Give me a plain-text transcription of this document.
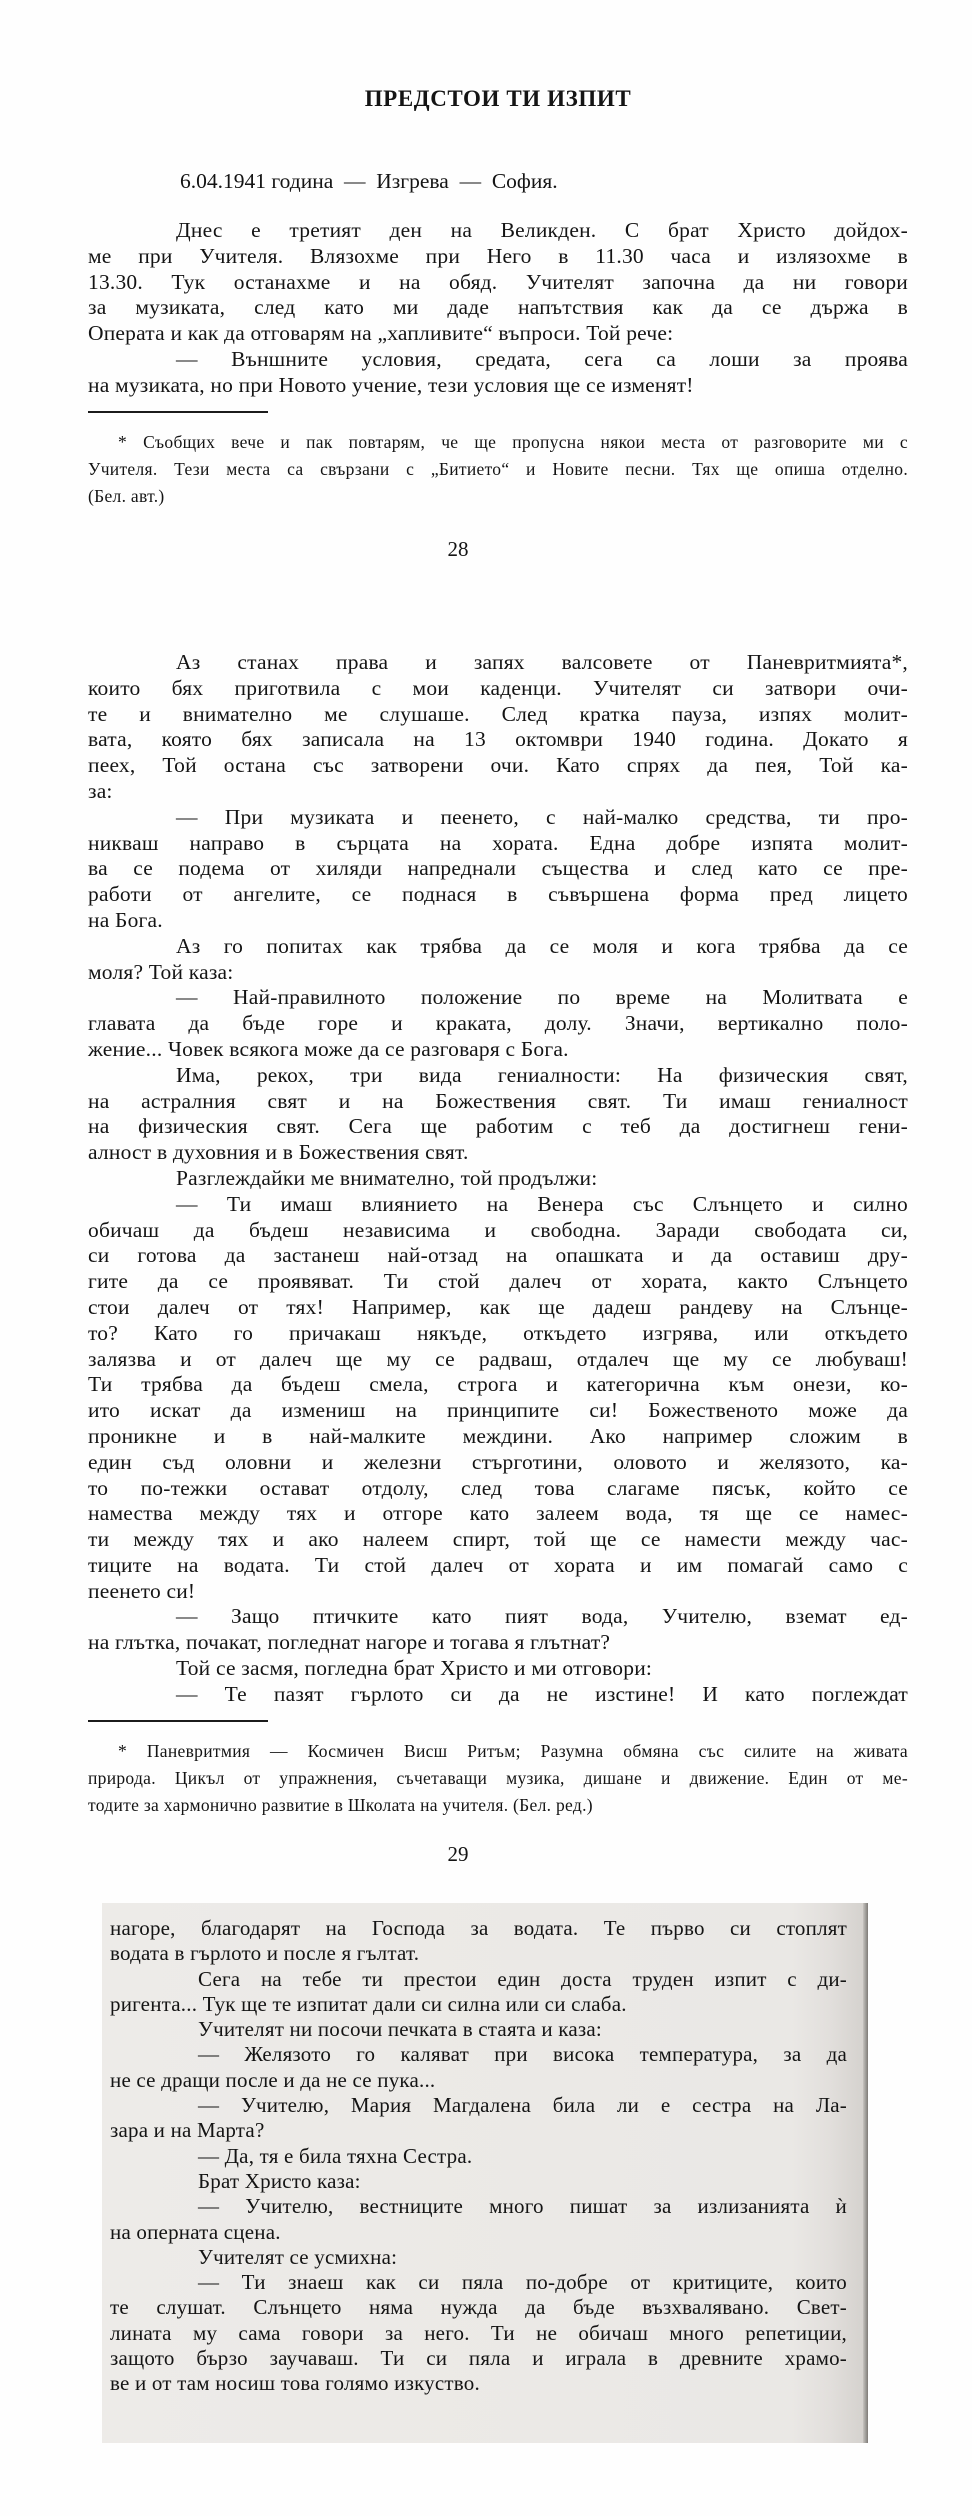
ПРЕДСТОИ ТИ ИЗПИТ
6.04.1941 година  —  Изгрева  —  София.
Днес е третият ден на Великден. С брат Христо дойдох-
ме при Учителя. Влязохме при Него в 11.30 часа и излязохме в
13.30. Тук останахме и на обяд. Учителят започна да ни говори
за музиката, след като ми даде напътствия как да се държа в
Операта и как да отговарям на „хапливите“ въпроси. Той рече:
— Външните условия, средата, сега са лоши за проява
на музиката, но при Новото учение, тези условия ще се изменят!
* Съобщих вече и пак повтарям, че ще пропусна някои места от разговорите ми с
Учителя. Тези места са свързани с „Битието“ и Новите песни. Тях ще опиша отделно.
(Бел. авт.)
28
Аз станах права и запях валсовете от Паневритмията*,
които бях приготвила с мои каденци. Учителят си затвори очи-
те и внимателно ме слушаше. След кратка пауза, изпях молит-
вата, която бях записала на 13 октомври 1940 година. Докато я
пеех, Той остана със затворени очи. Като спрях да пея, Той ка-
за:
— При музиката и пеенето, с най-малко средства, ти про-
никваш направо в сърцата на хората. Една добре изпята молит-
ва се подема от хиляди напреднали същества и след като се пре-
работи от ангелите, се поднася в съвършена форма пред лицето
на Бога.
Аз го попитах как трябва да се моля и кога трябва да се
моля? Той каза:
— Най-правилното положение по време на Молитвата е
главата да бъде горе и краката, долу. Значи, вертикално поло-
жение... Човек всякога може да се разговаря с Бога.
Има, рекох, три вида гениалности: На физическия свят,
на астралния свят и на Божествения свят. Ти имаш гениалност
на физическия свят. Сега ще работим с теб да достигнеш гени-
алност в духовния и в Божествения свят.
Разглеждайки ме внимателно, той продължи:
— Ти имаш влиянието на Венера със Слънцето и силно
обичаш да бъдеш независима и свободна. Заради свободата си,
си готова да застанеш най-отзад на опашката и да оставиш дру-
гите да се проявяват. Ти стой далеч от хората, както Слънцето
стои далеч от тях! Например, как ще дадеш рандеву на Слънце-
то? Като го причакаш някъде, откъдето изгрява, или откъдето
залязва и от далеч ще му се радваш, отдалеч ще му се любуваш!
Ти трябва да бъдеш смела, строга и категорична към онези, ко-
ито искат да измениш на принципите си! Божественото може да
проникне и в най-малките междини. Ако например сложим в
един съд оловни и железни стърготини, оловото и желязото, ка-
то по-тежки остават отдолу, след това слагаме пясък, който се
намества между тях и отгоре като залеем вода, тя ще се намес-
ти между тях и ако налеем спирт, той ще се намести между час-
тиците на водата. Ти стой далеч от хората и им помагай само с
пеенето си!
— Защо птичките като пият вода, Учителю, вземат ед-
на глътка, почакат, погледнат нагоре и тогава я глътнат?
Той се засмя, погледна брат Христо и ми отговори:
— Те пазят гърлото си да не изстине! И като поглеждат
* Паневритмия — Космичен Висш Ритъм; Разумна обмяна със силите на живата
природа. Цикъл от упражнения, съчетаващи музика, дишане и движение. Един от ме-
тодите за хармонично развитие в Школата на учителя. (Бел. ред.)
29
нагоре, благодарят на Господа за водата. Те първо си стоплят
водата в гърлото и после я гълтат.
Сега на тебе ти престои един доста труден изпит с ди-
ригента... Тук ще те изпитат дали си силна или си слаба.
Учителят ни посочи печката в стаята и каза:
— Желязото го каляват при висока температура, за да
не се дращи после и да не се пука...
— Учителю, Мария Магдалена била ли е сестра на Ла-
зара и на Марта?
— Да, тя е била тяхна Сестра.
Брат Христо каза:
— Учителю, вестниците много пишат за излизанията ѝ
на оперната сцена.
Учителят се усмихна:
— Ти знаеш как си пяла по-добре от критиците, които
те слушат. Слънцето няма нужда да бъде възхвалявано. Свет-
лината му сама говори за него. Ти не обичаш много репетиции,
защото бързо заучаваш. Ти си пяла и играла в древните храмо-
ве и от там носиш това голямо изкуство.
